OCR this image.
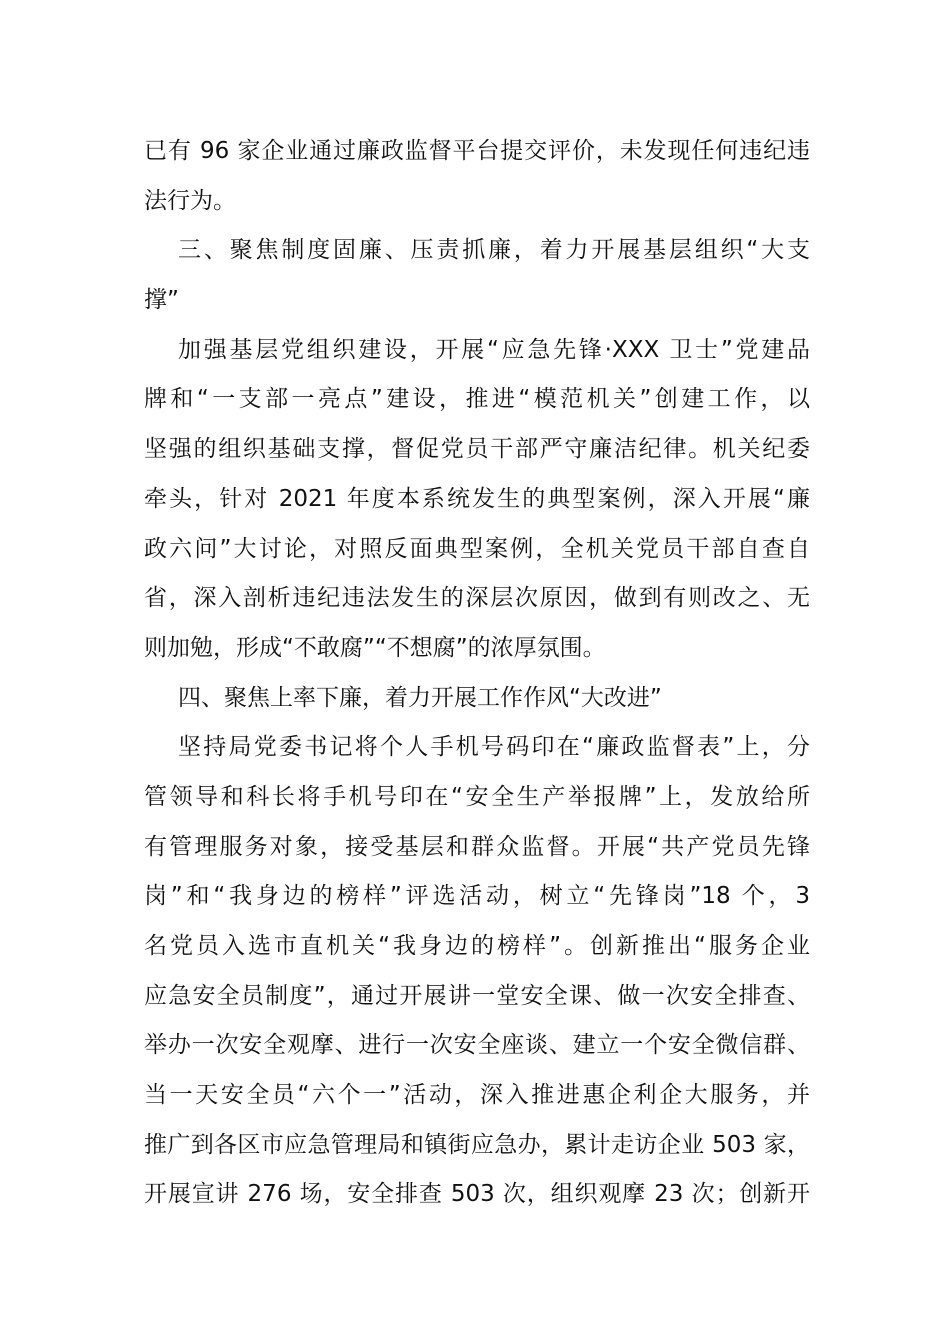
已有 96 家企业通过廉政监督平台提交评价，未发现任何违纪违
法行为。
三、聚焦制度固廉、压责抓廉，着力开展基层组织“大支
撑”
加强基层党组织建设，开展“应急先锋·XXX 卫士”党建品
牌和“一支部一亮点”建设，推进“模范机关”创建工作，以
坚强的组织基础支撑，督促党员干部严守廉洁纪律。机关纪委
牵头，针对 2021 年度本系统发生的典型案例，深入开展“廉
政六问”大讨论，对照反面典型案例，全机关党员干部自查自
省，深入剖析违纪违法发生的深层次原因，做到有则改之、无
则加勉，形成“不敢腐”“不想腐”的浓厚氛围。
四、聚焦上率下廉，着力开展工作作风“大改进”
坚持局党委书记将个人手机号码印在“廉政监督表”上，分
管领导和科长将手机号印在“安全生产举报牌”上，发放给所
有管理服务对象，接受基层和群众监督。开展“共产党员先锋
岗”和“我身边的榜样”评选活动，树立“先锋岗”18 个，3
名党员入选市直机关“我身边的榜样”。创新推出“服务企业
应急安全员制度”，通过开展讲一堂安全课、做一次安全排查、
举办一次安全观摩、进行一次安全座谈、建立一个安全微信群、
当一天安全员“六个一”活动，深入推进惠企利企大服务，并
推广到各区市应急管理局和镇街应急办，累计走访企业 503 家，
开展宣讲 276 场，安全排查 503 次，组织观摩 23 次；创新开
